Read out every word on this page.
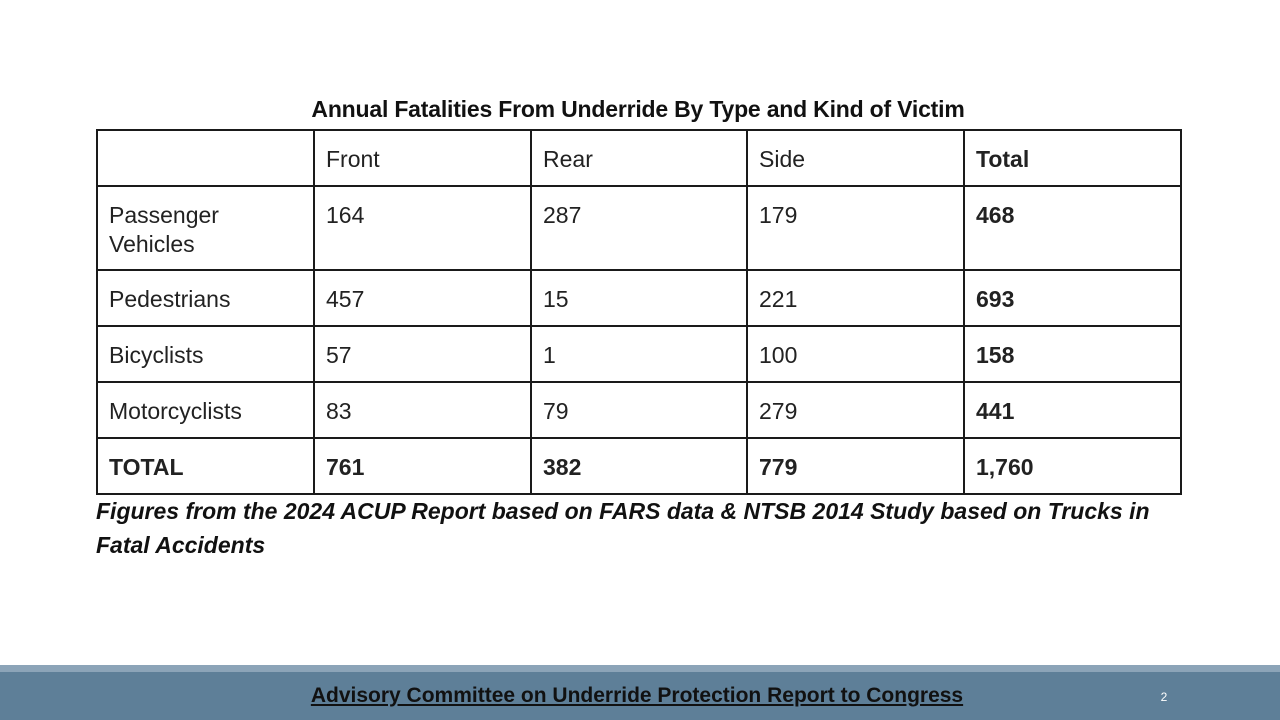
Annual Fatalities From Underride By Type and Kind of Victim
	Front	Rear	Side	Total
Passenger Vehicles	164	287	179	468
Pedestrians	457	15	221	693
Bicyclists	57	1	100	158
Motorcyclists	83	79	279	441
TOTAL	761	382	779	1,760
Figures from the 2024 ACUP Report based on FARS data & NTSB 2014 Study based on Trucks in Fatal Accidents
Advisory Committee on Underride Protection Report to Congress	2
